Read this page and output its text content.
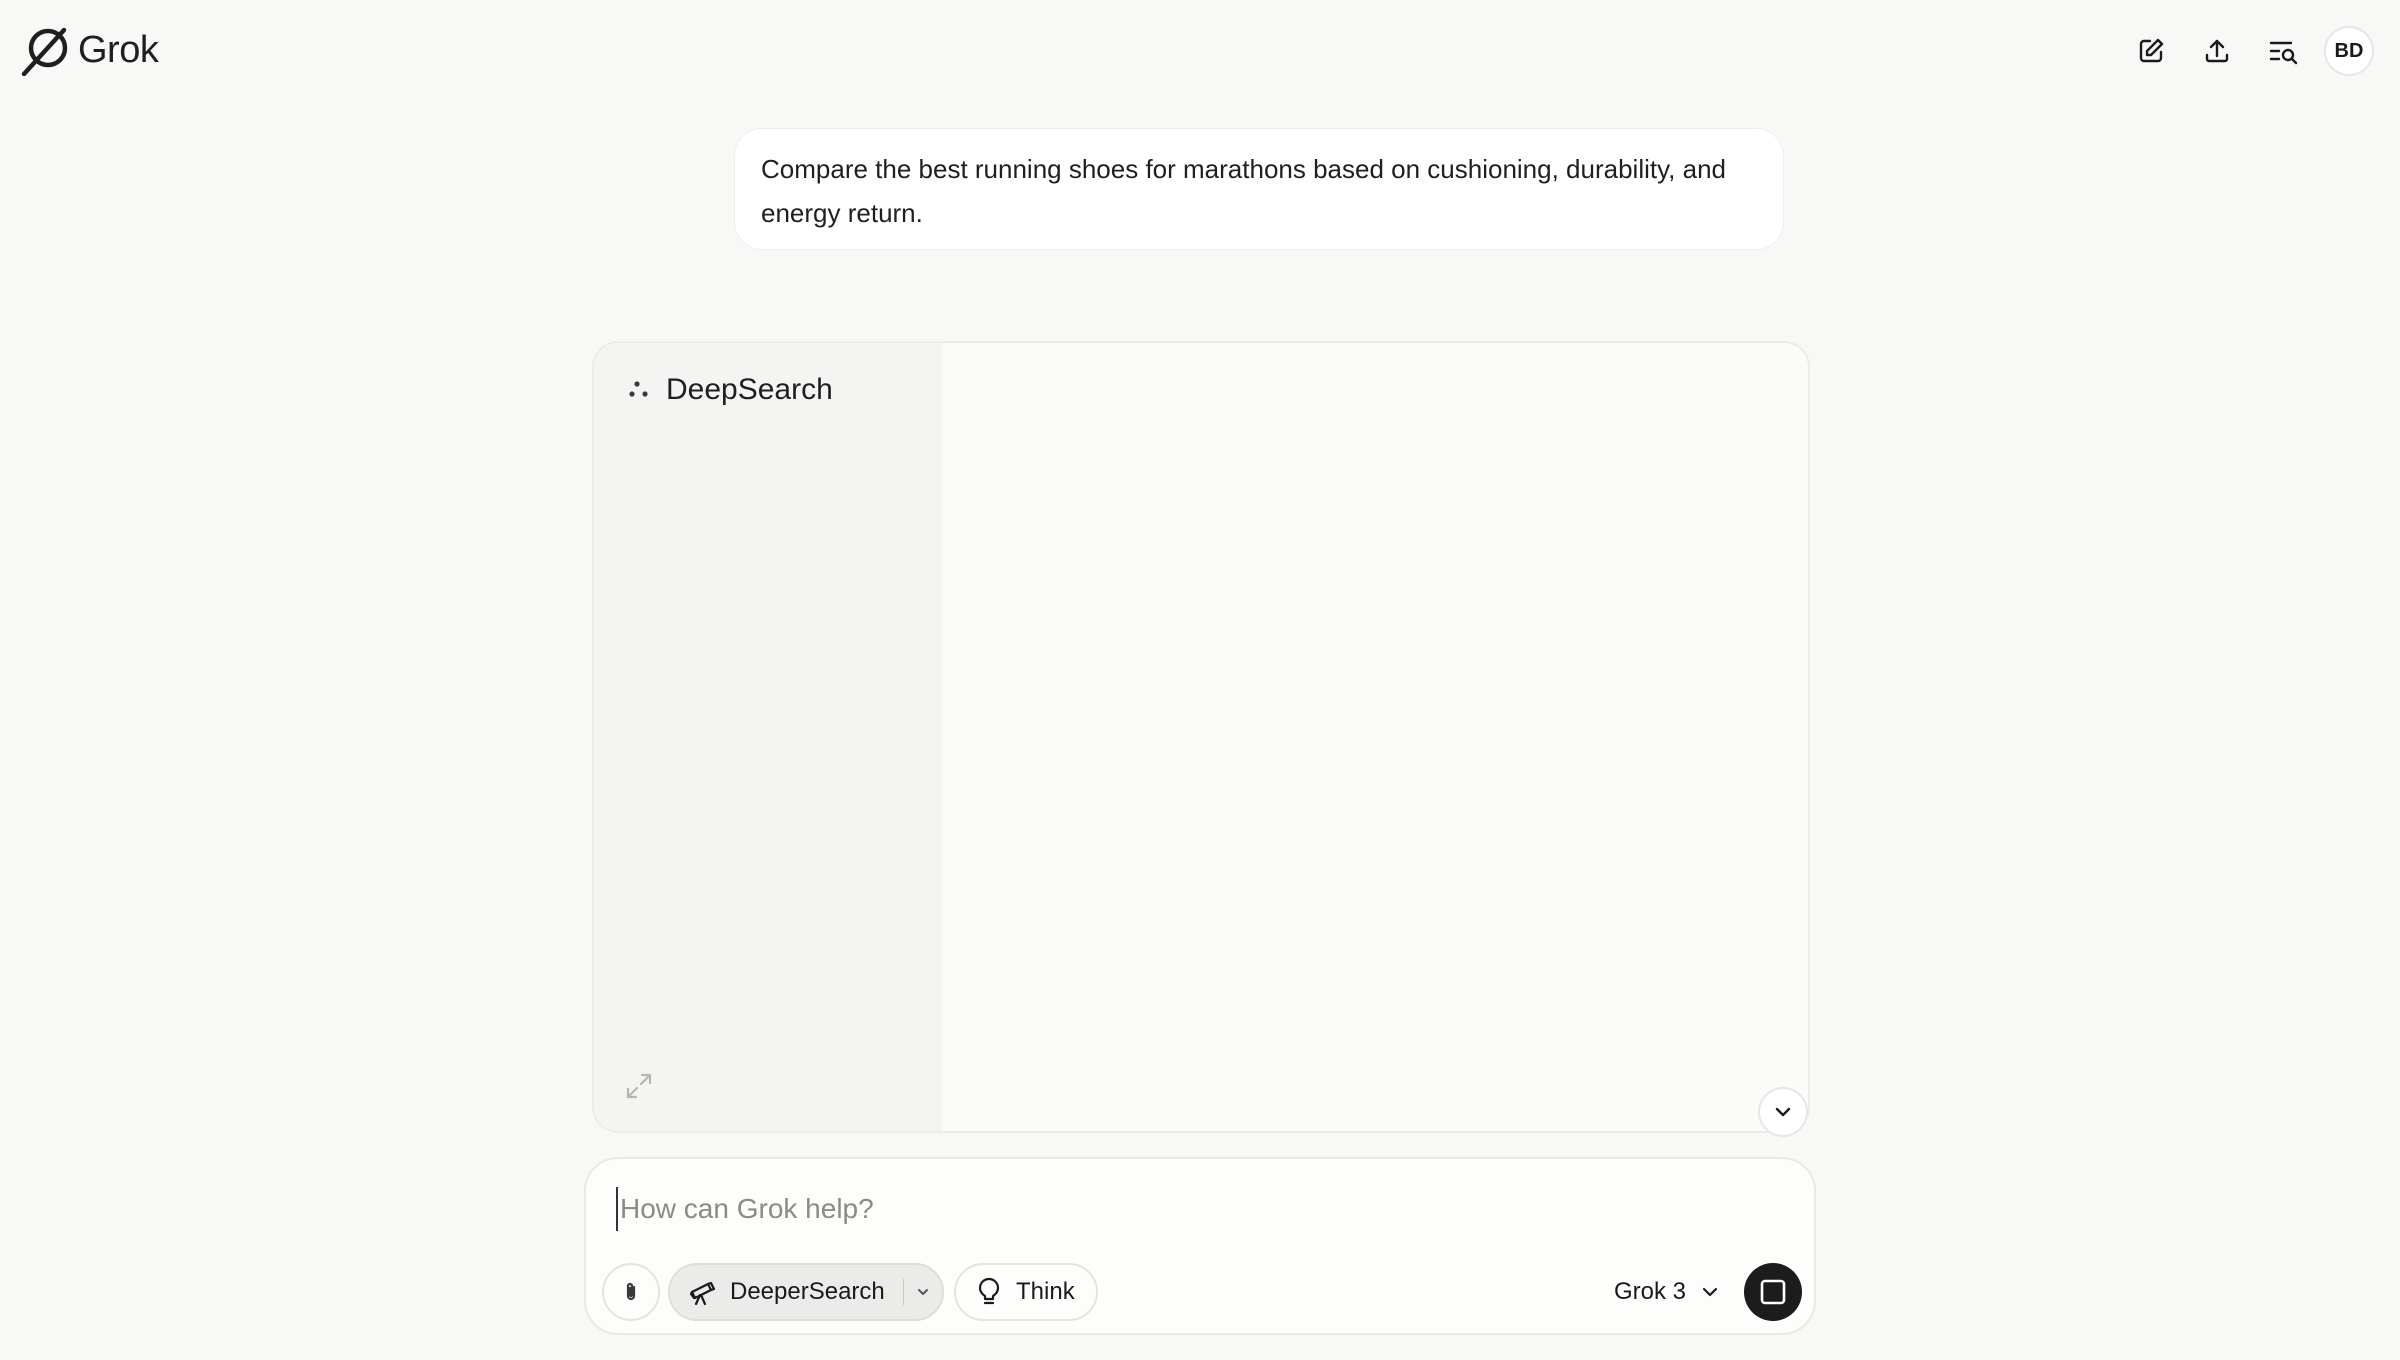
Grok	BD
Compare the best running shoes for marathons based on cushioning, durability, and energy return.
DeepSearch
How can Grok help?
DeeperSearch	Think	Grok 3
